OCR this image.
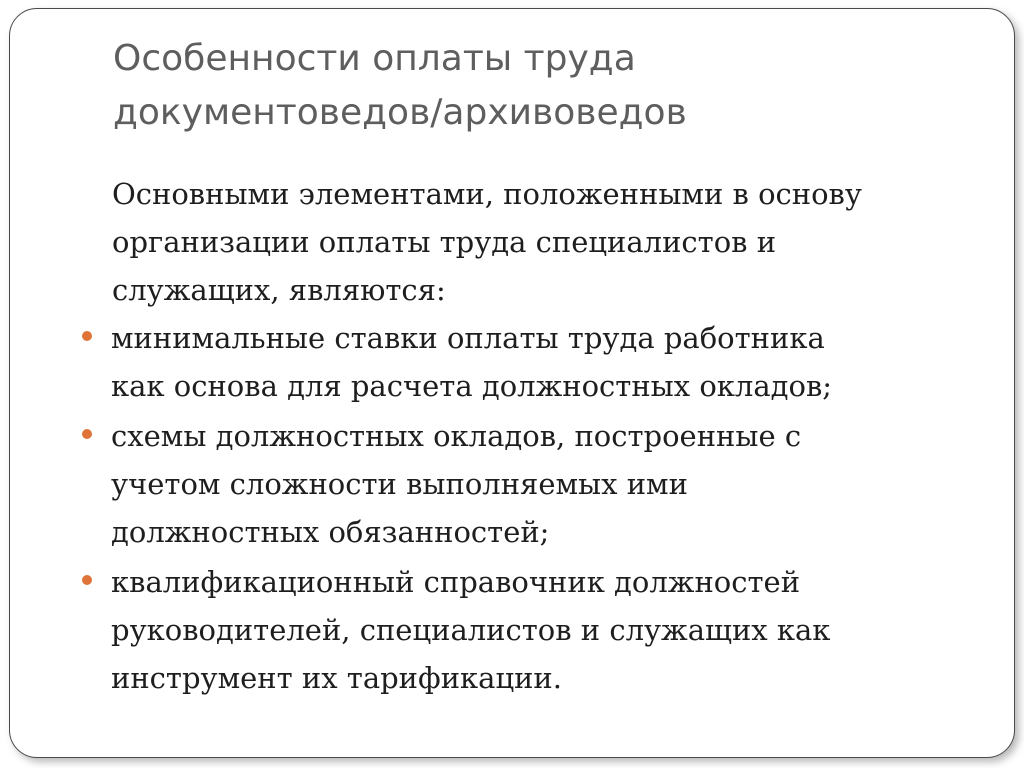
Особенности оплаты труда
документоведов/архивоведов

Основными элементами, положенными в основу
организации оплаты труда специалистов и
служащих, являются:

минимальные ставки оплаты труда работника
как основа для расчета должностных окладов;
схемы должностных окладов, построенные с
учетом сложности выполняемых ими
должностных обязанностей;
квалификационный справочник должностей
руководителей, специалистов и служащих как
инструмент их тарификации.
